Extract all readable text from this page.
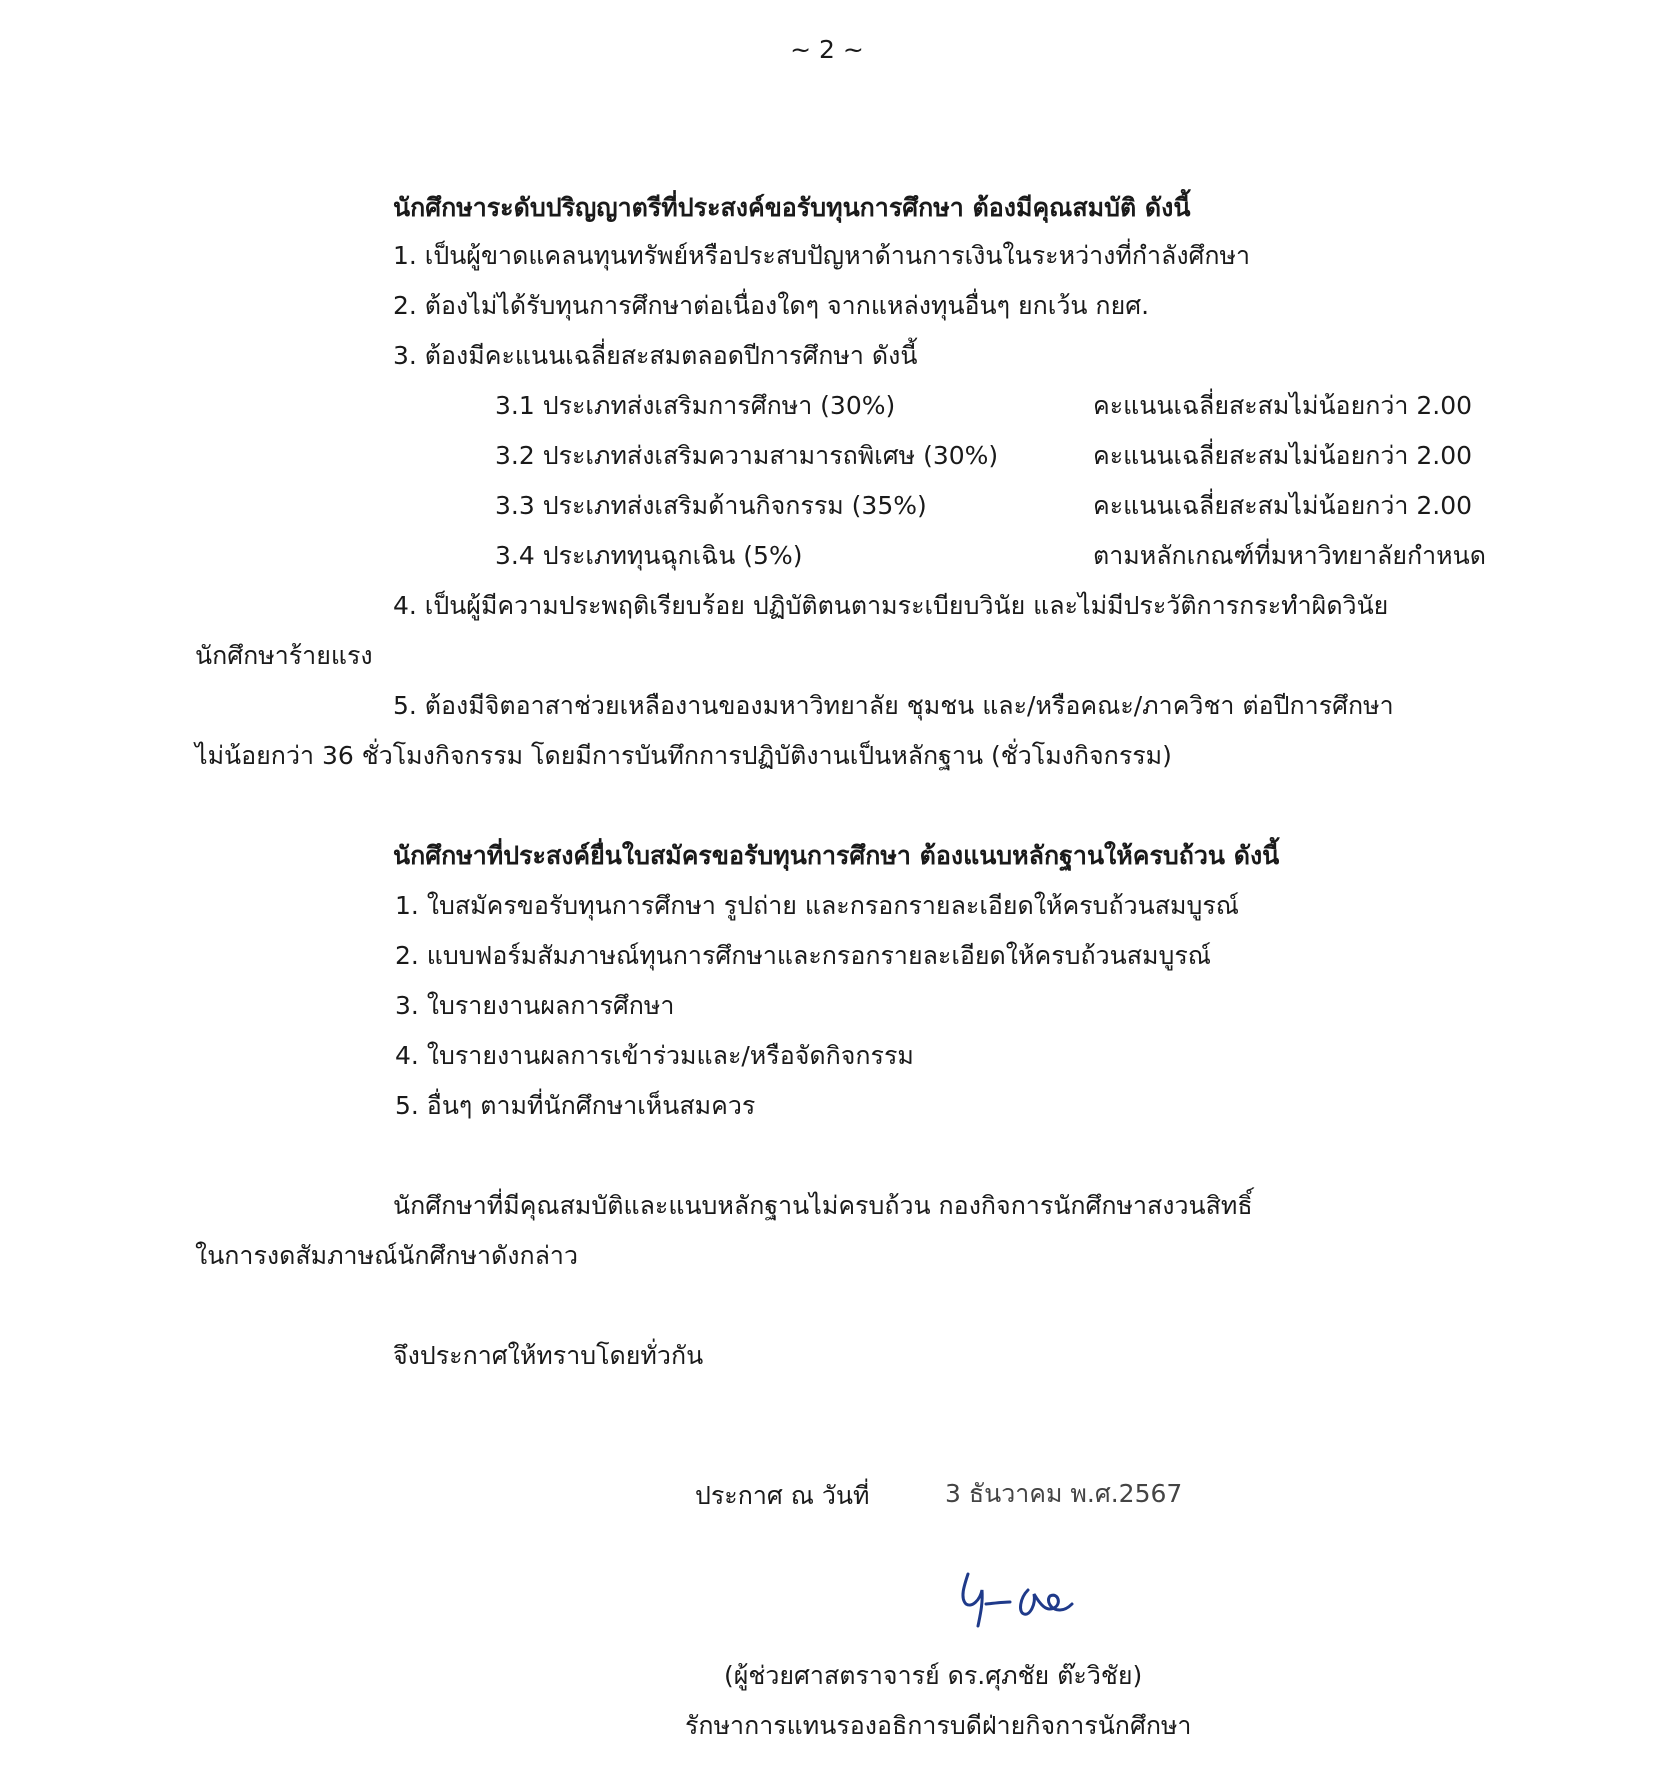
~ 2 ~
นักศึกษาระดับปริญญาตรีที่ประสงค์ขอรับทุนการศึกษา ต้องมีคุณสมบัติ ดังนี้
1. เป็นผู้ขาดแคลนทุนทรัพย์หรือประสบปัญหาด้านการเงินในระหว่างที่กำลังศึกษา
2. ต้องไม่ได้รับทุนการศึกษาต่อเนื่องใดๆ จากแหล่งทุนอื่นๆ ยกเว้น กยศ.
3. ต้องมีคะแนนเฉลี่ยสะสมตลอดปีการศึกษา ดังนี้
3.1 ประเภทส่งเสริมการศึกษา (30%)	คะแนนเฉลี่ยสะสมไม่น้อยกว่า 2.00
3.2 ประเภทส่งเสริมความสามารถพิเศษ (30%)	คะแนนเฉลี่ยสะสมไม่น้อยกว่า 2.00
3.3 ประเภทส่งเสริมด้านกิจกรรม (35%)	คะแนนเฉลี่ยสะสมไม่น้อยกว่า 2.00
3.4 ประเภททุนฉุกเฉิน (5%)	ตามหลักเกณฑ์ที่มหาวิทยาลัยกำหนด
4. เป็นผู้มีความประพฤติเรียบร้อย ปฏิบัติตนตามระเบียบวินัย และไม่มีประวัติการกระทำผิดวินัย
นักศึกษาร้ายแรง
5. ต้องมีจิตอาสาช่วยเหลืองานของมหาวิทยาลัย ชุมชน และ/หรือคณะ/ภาควิชา ต่อปีการศึกษา
ไม่น้อยกว่า 36 ชั่วโมงกิจกรรม โดยมีการบันทึกการปฏิบัติงานเป็นหลักฐาน (ชั่วโมงกิจกรรม)
นักศึกษาที่ประสงค์ยื่นใบสมัครขอรับทุนการศึกษา ต้องแนบหลักฐานให้ครบถ้วน ดังนี้
1. ใบสมัครขอรับทุนการศึกษา รูปถ่าย และกรอกรายละเอียดให้ครบถ้วนสมบูรณ์
2. แบบฟอร์มสัมภาษณ์ทุนการศึกษาและกรอกรายละเอียดให้ครบถ้วนสมบูรณ์
3. ใบรายงานผลการศึกษา
4. ใบรายงานผลการเข้าร่วมและ/หรือจัดกิจกรรม
5. อื่นๆ ตามที่นักศึกษาเห็นสมควร
นักศึกษาที่มีคุณสมบัติและแนบหลักฐานไม่ครบถ้วน กองกิจการนักศึกษาสงวนสิทธิ์
ในการงดสัมภาษณ์นักศึกษาดังกล่าว
จึงประกาศให้ทราบโดยทั่วกัน
ประกาศ ณ วันที่	3 ธันวาคม พ.ศ.2567
(ผู้ช่วยศาสตราจารย์ ดร.ศุภชัย ต๊ะวิชัย)
รักษาการแทนรองอธิการบดีฝ่ายกิจการนักศึกษา
